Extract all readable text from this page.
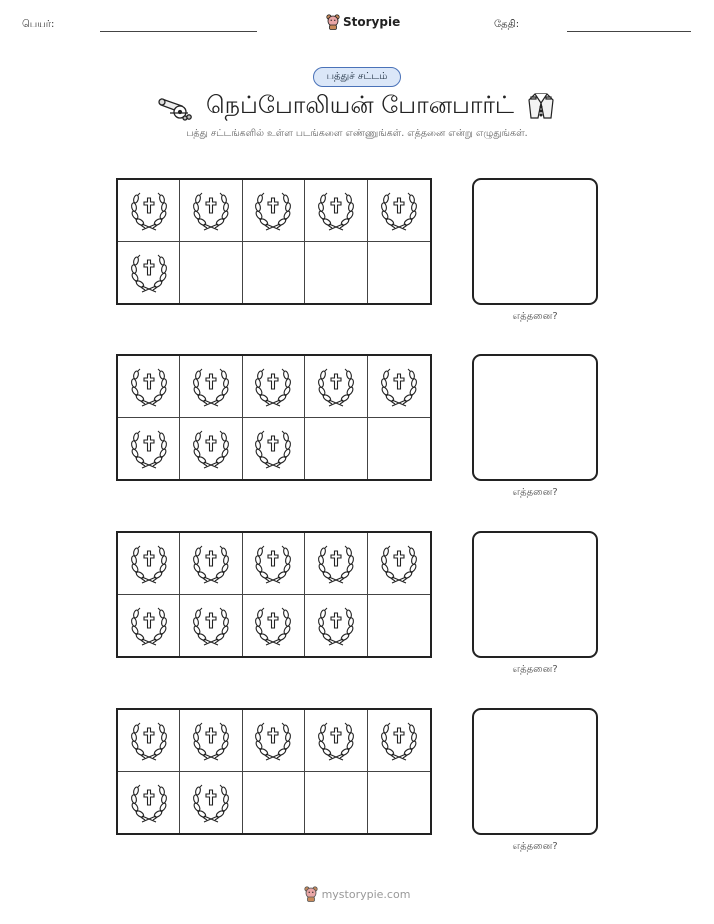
பெயர்:	Storypie	தேதி:
பத்துச் சட்டம்
நெப்போலியன் போனபார்ட்
பத்து சட்டங்களில் உள்ள படங்களை எண்ணுங்கள். எத்தனை என்று எழுதுங்கள்.
mystorypie.com
எத்தனை?
எத்தனை?
எத்தனை?
எத்தனை?
